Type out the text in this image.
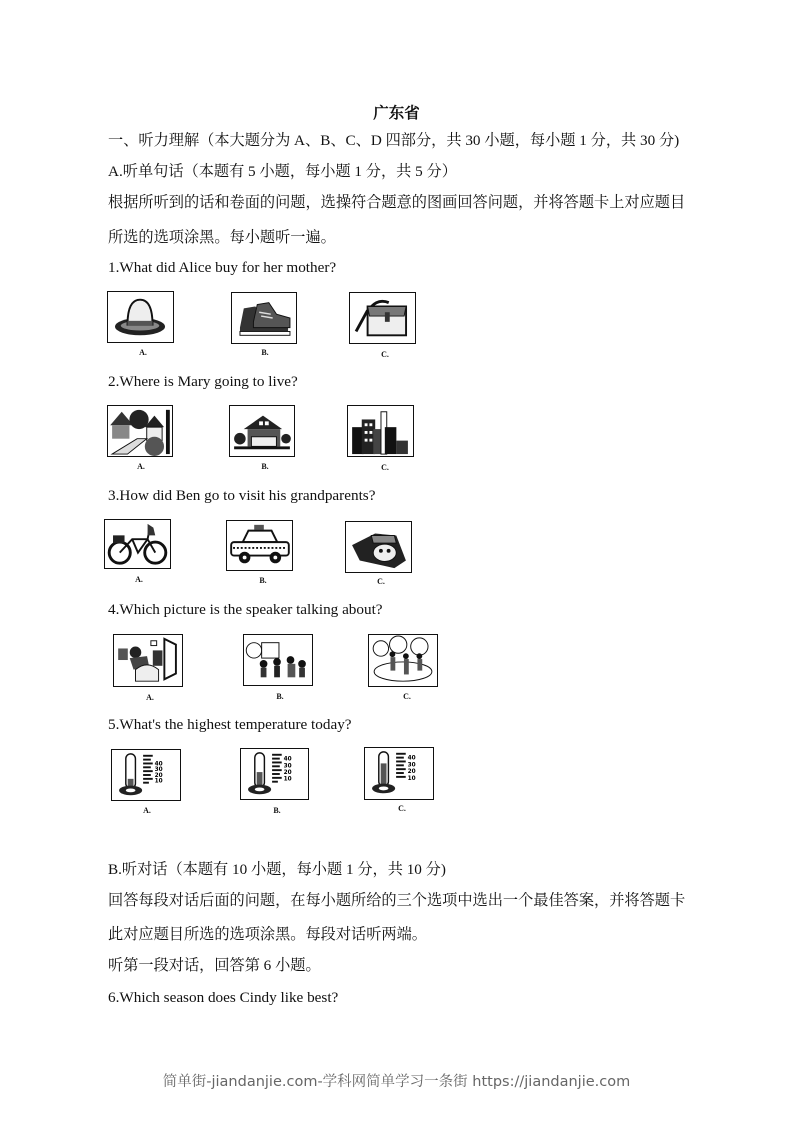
广东省
一、听力理解（本大题分为 A、B、C、D 四部分，共 30 小题，每小题 1 分，共 30 分)
A.听单句话（本题有 5 小题，每小题 1 分，共 5 分）
根据所听到的话和卷面的问题，选操符合题意的图画回答问题，并将答题卡上对应题目
所选的选项涂黑。每小题听一遍。
1.What did Alice buy for her mother?
A.	B.	C.
2.Where is Mary going to live?
A.	B.	C.
3.How did Ben go to visit his grandparents?
A.	B.	C.
4.Which picture is the speaker talking about?
A.	B.	C.
5.What's the highest temperature today?
40
30
20
10
A.
40
30
20
10
B.
40
30
20
10
C.
B.听对话（本题有 10 小题，每小题 1 分，共 10 分)
回答每段对话后面的问题，在每小题所给的三个选项中选出一个最佳答案，并将答题卡
此对应题目所选的选项涂黑。每段对话听两端。
听第一段对话，回答第 6 小题。
6.Which season does Cindy like best?
简单街-jiandanjie.com-学科网简单学习一条街 https://jiandanjie.com
